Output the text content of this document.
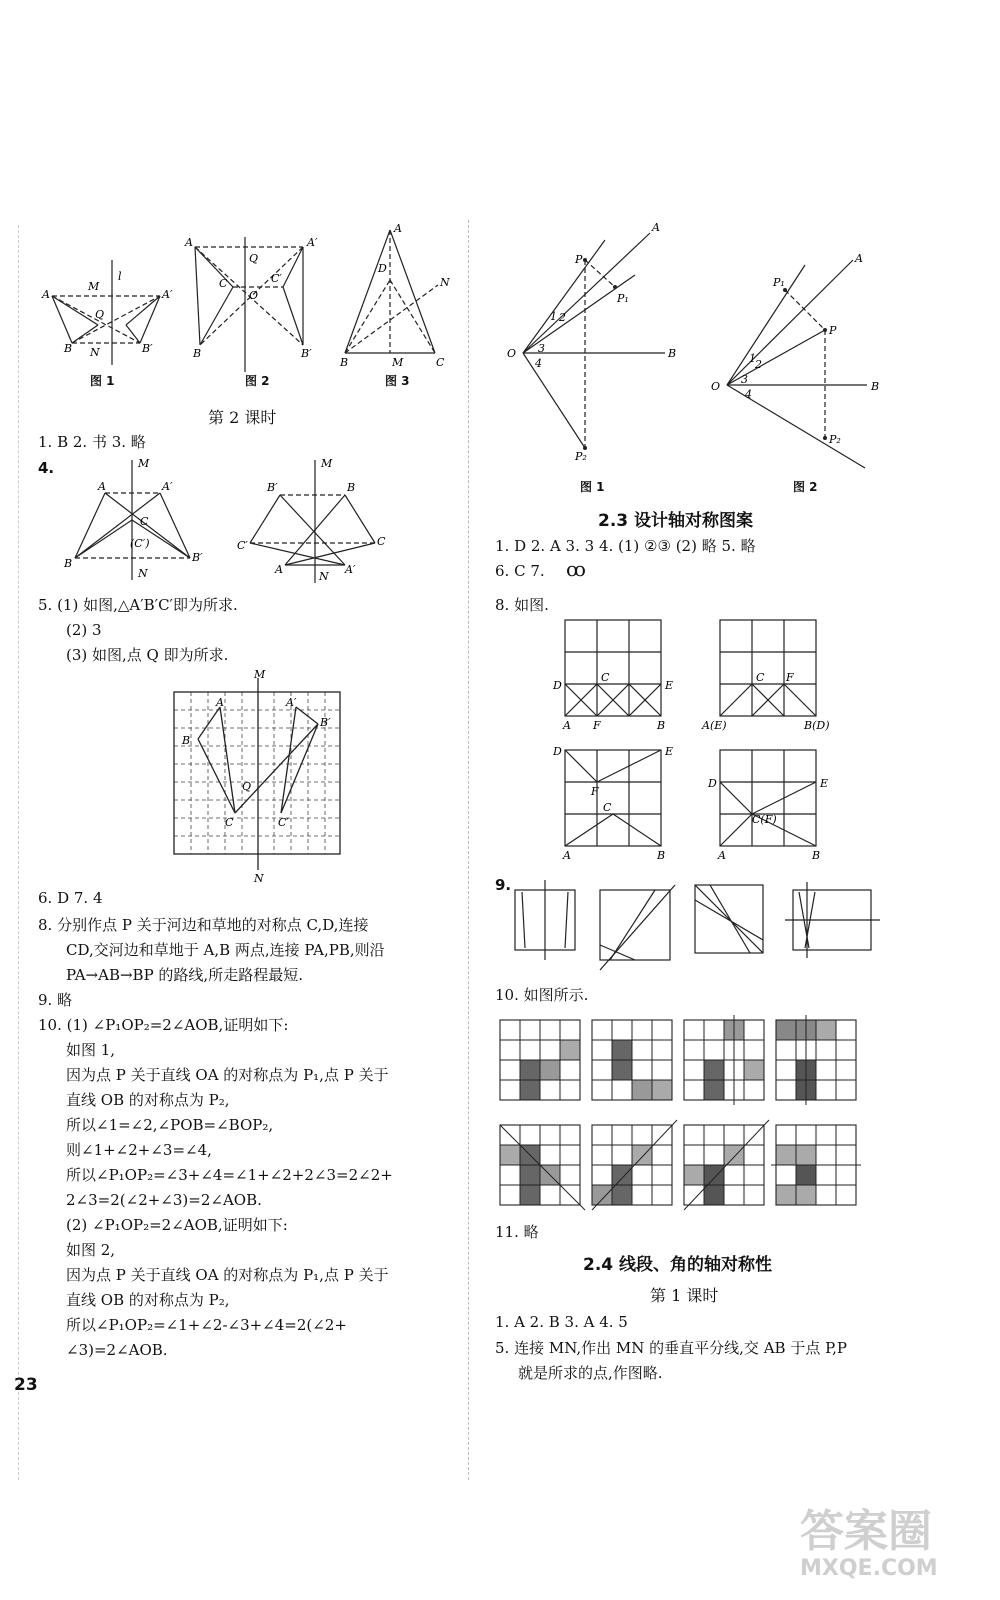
A	A′
M
l
Q
B	B′
N
A	A′
Q
C	C′
O
B	B′
A
D
N
B	M	C
图 1	图 2	图 3
第 2 课时
1. B 2. 书 3. 略
4.	M
A	A′
C
(C′)
B	B′
N
M
B′	B
C′	C
A	A′
N
5. (1) 如图,△A′B′C′即为所求.
(2) 3
(3) 如图,点 Q 即为所求.
M
A
B
A′
B′
Q
C	C′
N
6. D 7. 4
8. 分别作点 P 关于河边和草地的对称点 C,D,连接
CD,交河边和草地于 A,B 两点,连接 PA,PB,则沿
PA→AB→BP 的路线,所走路程最短.
9. 略
10. (1) ∠P₁OP₂=2∠AOB,证明如下:
如图 1,
因为点 P 关于直线 OA 的对称点为 P₁,点 P 关于
直线 OB 的对称点为 P₂,
所以∠1=∠2,∠POB=∠BOP₂,
则∠1+∠2+∠3=∠4,
所以∠P₁OP₂=∠3+∠4=∠1+∠2+2∠3=2∠2+
2∠3=2(∠2+∠3)=2∠AOB.
(2) ∠P₁OP₂=2∠AOB,证明如下:
如图 2,
因为点 P 关于直线 OA 的对称点为 P₁,点 P 关于
直线 OB 的对称点为 P₂,
所以∠P₁OP₂=∠1+∠2-∠3+∠4=2(∠2+
∠3)=2∠AOB.
23
A
P
P₁
1 2
3
4
O	B
P₂
A
P₁
P
1 2
3
4
O	B
P₂
图 1	图 2
2.3 设计轴对称图案
1. D 2. A 3. 3 4. (1) ②③ (2) 略 5. 略
6. C 7. ꝏ
8. 如图.
D	E
C
A F	B
C F
A(E)	B(D)
D	E
F
C
A	B
D	E
C(F)
A	B
9.
10. 如图所示.
11. 略
2.4 线段、角的轴对称性
第 1 课时
1. A 2. B 3. A 4. 5
5. 连接 MN,作出 MN 的垂直平分线,交 AB 于点 P,P
就是所求的点,作图略.
答案圈
MXQE.COM
